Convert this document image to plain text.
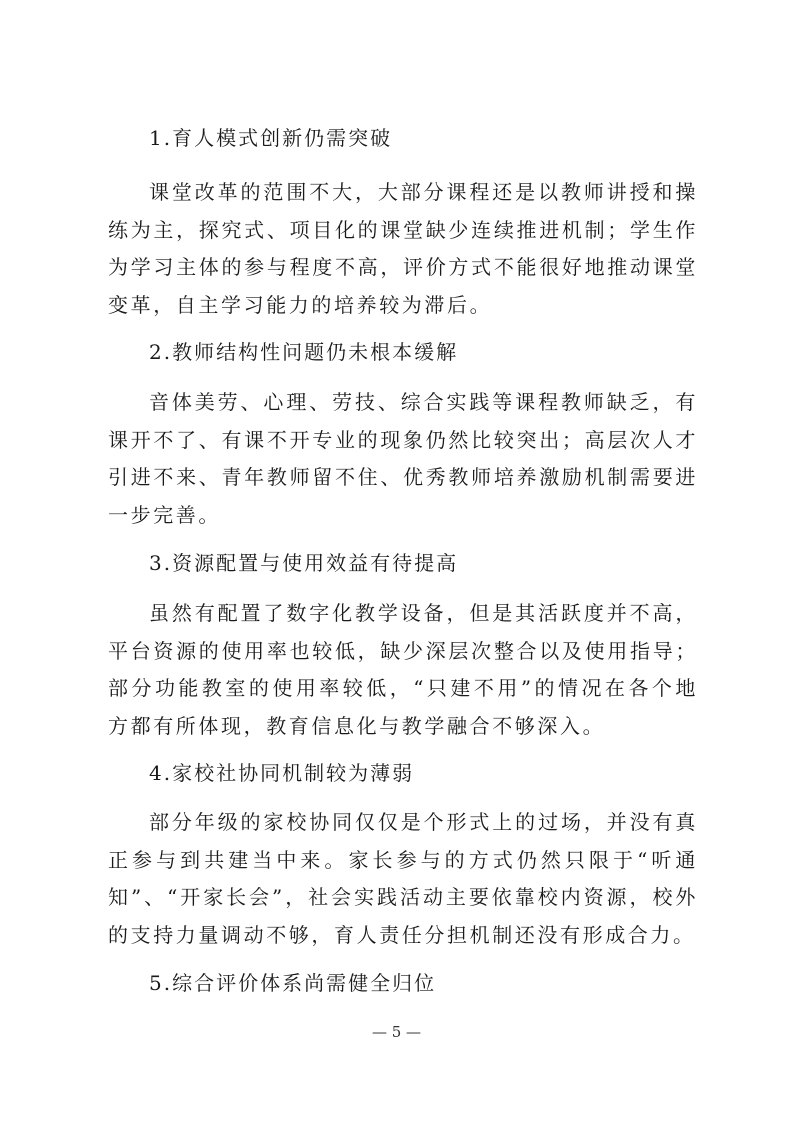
1.育人模式创新仍需突破
课堂改革的范围不大，大部分课程还是以教师讲授和操练为主，探究式、项目化的课堂缺少连续推进机制；学生作为学习主体的参与程度不高，评价方式不能很好地推动课堂变革，自主学习能力的培养较为滞后。
2.教师结构性问题仍未根本缓解
音体美劳、心理、劳技、综合实践等课程教师缺乏，有课开不了、有课不开专业的现象仍然比较突出；高层次人才引进不来、青年教师留不住、优秀教师培养激励机制需要进一步完善。
3.资源配置与使用效益有待提高
虽然有配置了数字化教学设备，但是其活跃度并不高，平台资源的使用率也较低，缺少深层次整合以及使用指导；部分功能教室的使用率较低，“只建不用”的情况在各个地方都有所体现，教育信息化与教学融合不够深入。
4.家校社协同机制较为薄弱
部分年级的家校协同仅仅是个形式上的过场，并没有真正参与到共建当中来。家长参与的方式仍然只限于“听通知”、“开家长会”，社会实践活动主要依靠校内资源，校外的支持力量调动不够，育人责任分担机制还没有形成合力。
5.综合评价体系尚需健全归位
— 5 —
